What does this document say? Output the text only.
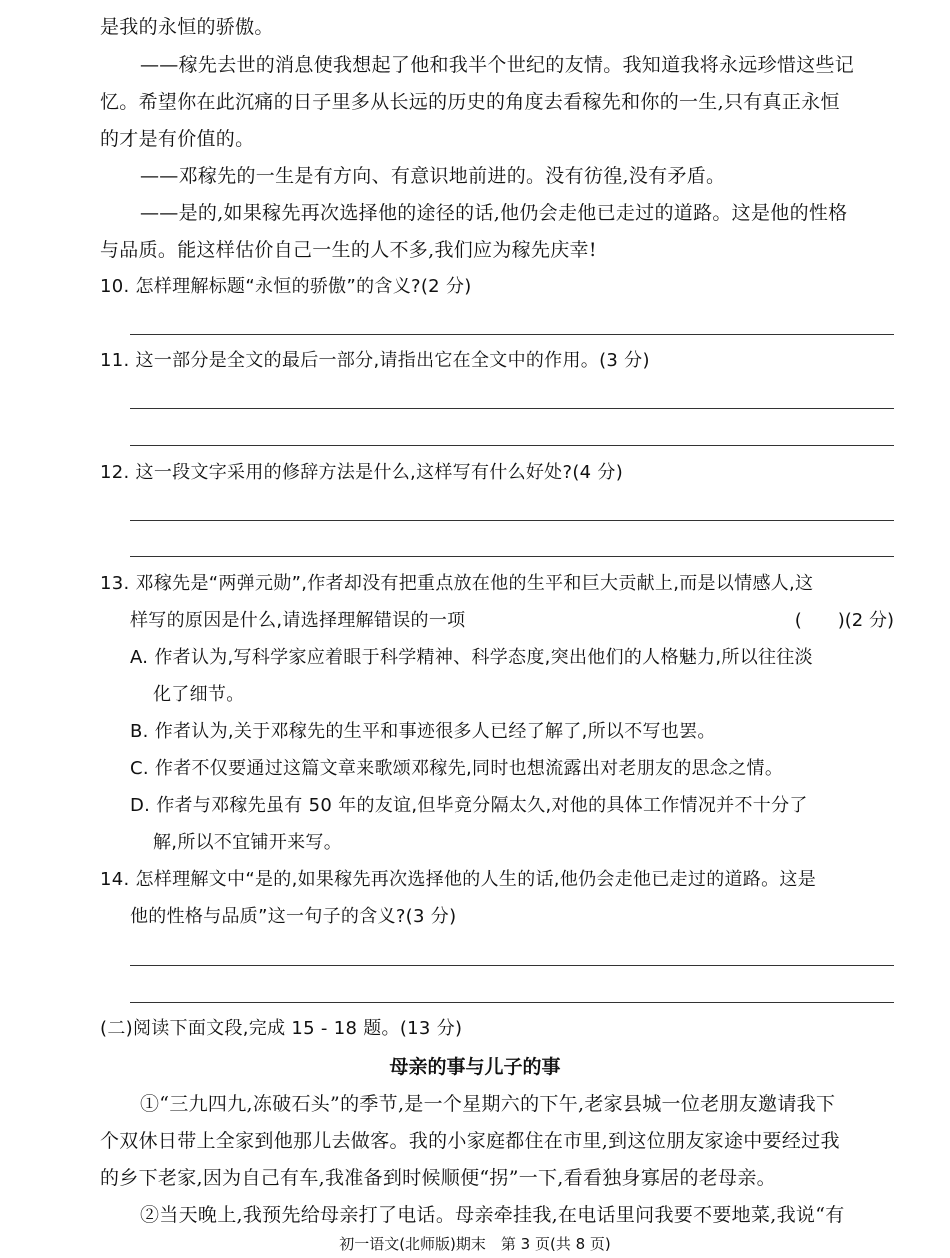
是我的永恒的骄傲。
——稼先去世的消息使我想起了他和我半个世纪的友情。我知道我将永远珍惜这些记
忆。希望你在此沉痛的日子里多从长远的历史的角度去看稼先和你的一生,只有真正永恒
的才是有价值的。
——邓稼先的一生是有方向、有意识地前进的。没有彷徨,没有矛盾。
——是的,如果稼先再次选择他的途径的话,他仍会走他已走过的道路。这是他的性格
与品质。能这样估价自己一生的人不多,我们应为稼先庆幸!
10. 怎样理解标题“永恒的骄傲”的含义?(2 分)
11. 这一部分是全文的最后一部分,请指出它在全文中的作用。(3 分)
12. 这一段文字采用的修辞方法是什么,这样写有什么好处?(4 分)
13. 邓稼先是“两弹元勋”,作者却没有把重点放在他的生平和巨大贡献上,而是以情感人,这
样写的原因是什么,请选择理解错误的一项	(　　)(2 分)
A. 作者认为,写科学家应着眼于科学精神、科学态度,突出他们的人格魅力,所以往往淡
化了细节。
B. 作者认为,关于邓稼先的生平和事迹很多人已经了解了,所以不写也罢。
C. 作者不仅要通过这篇文章来歌颂邓稼先,同时也想流露出对老朋友的思念之情。
D. 作者与邓稼先虽有 50 年的友谊,但毕竟分隔太久,对他的具体工作情况并不十分了
解,所以不宜铺开来写。
14. 怎样理解文中“是的,如果稼先再次选择他的人生的话,他仍会走他已走过的道路。这是
他的性格与品质”这一句子的含义?(3 分)
(二)阅读下面文段,完成 15 - 18 题。(13 分)
母亲的事与儿子的事
①“三九四九,冻破石头”的季节,是一个星期六的下午,老家县城一位老朋友邀请我下
个双休日带上全家到他那儿去做客。我的小家庭都住在市里,到这位朋友家途中要经过我
的乡下老家,因为自己有车,我准备到时候顺便“拐”一下,看看独身寡居的老母亲。
②当天晚上,我预先给母亲打了电话。母亲牵挂我,在电话里问我要不要地菜,我说“有
初一语文(北师版)期末　第 3 页(共 8 页)
